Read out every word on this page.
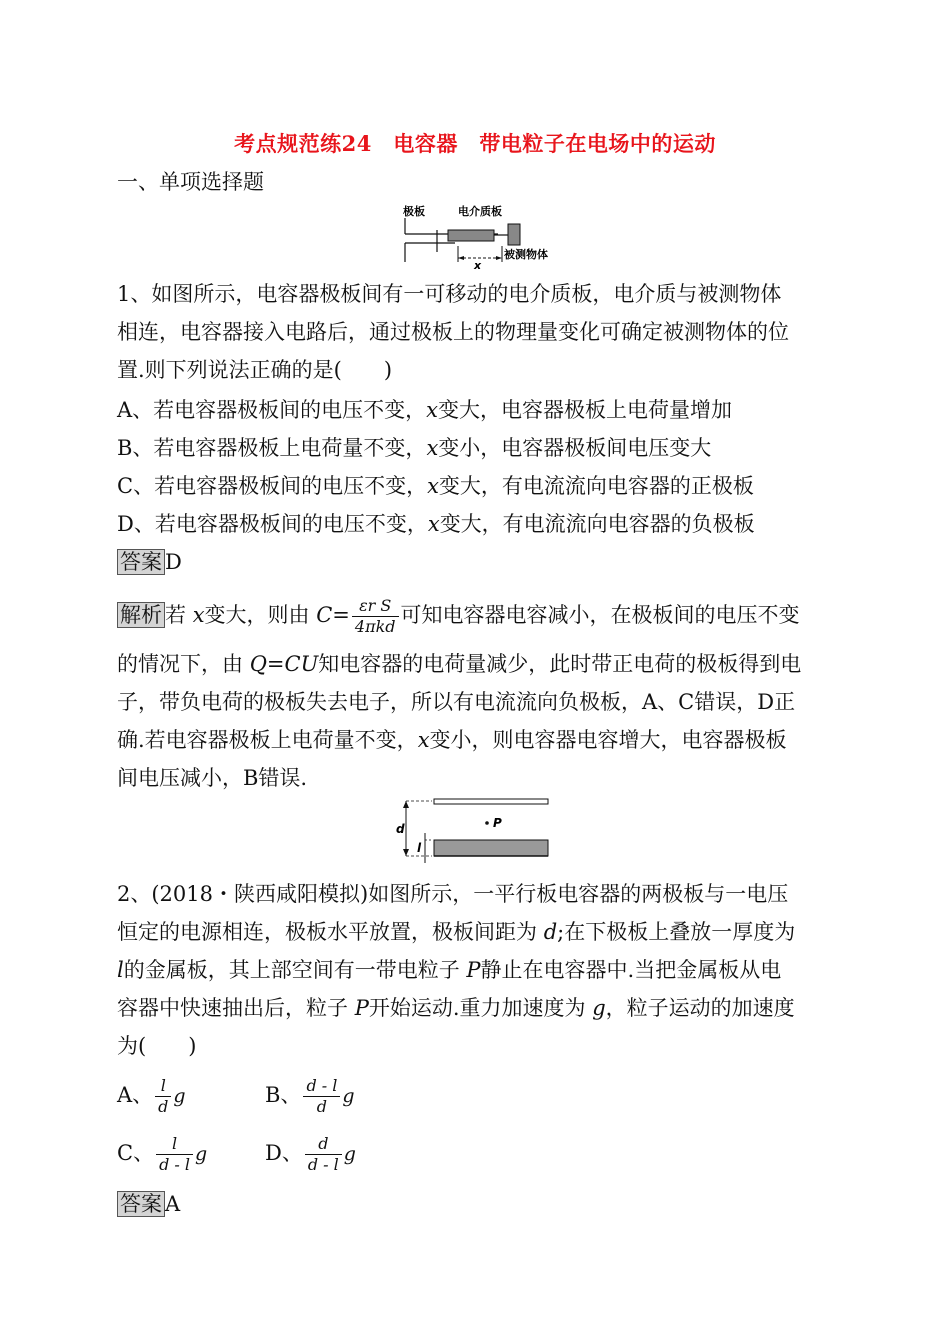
考点规范练24　电容器　带电粒子在电场中的运动
一、单项选择题
极板	电介质板
被测物体
x
1、如图所示，电容器极板间有一可移动的电介质板，电介质与被测物体
相连，电容器接入电路后，通过极板上的物理量变化可确定被测物体的位
置.则下列说法正确的是(　　)
A、若电容器极板间的电压不变，x变大，电容器极板上电荷量增加
B、若电容器极板上电荷量不变，x变小，电容器极板间电压变大
C、若电容器极板间的电压不变，x变大，有电流流向电容器的正极板
D、若电容器极板间的电压不变，x变大，有电流流向电容器的负极板
答案 D
解析 若 x变大，则由 $C= \frac{\text{εr S}}{\text{4πkd}}$ 可知电容器电容减小，在极板间的电压不变
的情况下，由 Q=CU知电容器的电荷量减少，此时带正电荷的极板得到电
子，带负电荷的极板失去电子，所以有电流流向负极板，A、C错误，D正
确.若电容器极板上电荷量不变，x变小，则电容器电容增大，电容器极板
间电压减小，B错误.
P
d
l
2、(2018・陕西咸阳模拟)如图所示，一平行板电容器的两极板与一电压
恒定的电源相连，极板水平放置，极板间距为 d;在下极板上叠放一厚度为
l的金属板，其上部空间有一带电粒子 P静止在电容器中.当把金属板从电
容器中快速抽出后，粒子 P开始运动.重力加速度为 g，粒子运动的加速度
为(　　)
A、 $\frac{l}{d}$ g	B、 $\frac{d - l}{d}$ g
C、 $\frac{l}{d - l}$ g	D、 $\frac{d}{d - l}$ g
答案 A
